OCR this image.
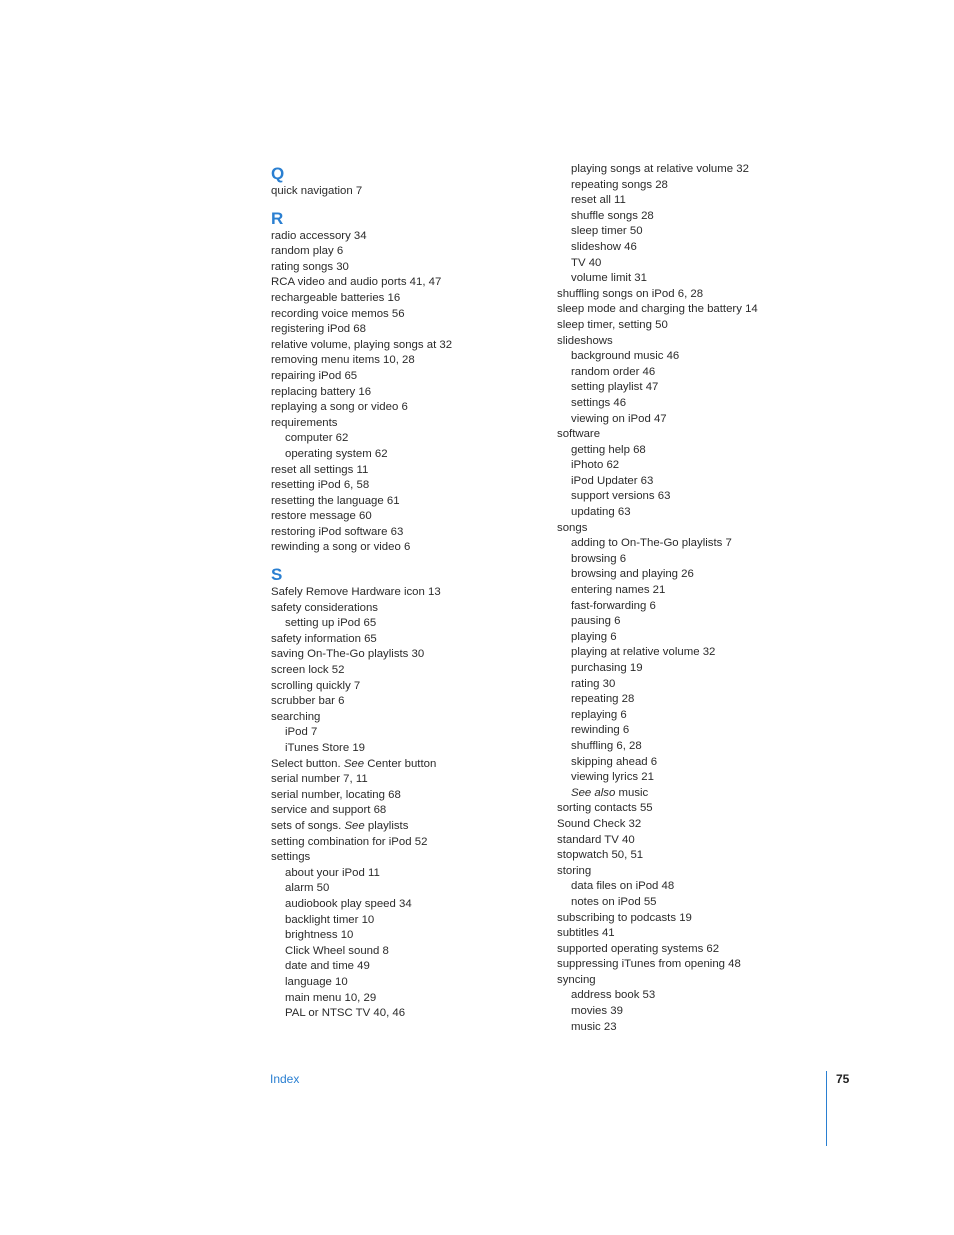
Q
quick navigation 7
R
radio accessory 34
random play 6
rating songs 30
RCA video and audio ports 41, 47
rechargeable batteries 16
recording voice memos 56
registering iPod 68
relative volume, playing songs at 32
removing menu items 10, 28
repairing iPod 65
replacing battery 16
replaying a song or video 6
requirements
computer 62
operating system 62
reset all settings 11
resetting iPod 6, 58
resetting the language 61
restore message 60
restoring iPod software 63
rewinding a song or video 6
S
Safely Remove Hardware icon 13
safety considerations
setting up iPod 65
safety information 65
saving On-The-Go playlists 30
screen lock 52
scrolling quickly 7
scrubber bar 6
searching
iPod 7
iTunes Store 19
Select button. See Center button
serial number 7, 11
serial number, locating 68
service and support 68
sets of songs. See playlists
setting combination for iPod 52
settings
about your iPod 11
alarm 50
audiobook play speed 34
backlight timer 10
brightness 10
Click Wheel sound 8
date and time 49
language 10
main menu 10, 29
PAL or NTSC TV 40, 46
playing songs at relative volume 32
repeating songs 28
reset all 11
shuffle songs 28
sleep timer 50
slideshow 46
TV 40
volume limit 31
shuffling songs on iPod 6, 28
sleep mode and charging the battery 14
sleep timer, setting 50
slideshows
background music 46
random order 46
setting playlist 47
settings 46
viewing on iPod 47
software
getting help 68
iPhoto 62
iPod Updater 63
support versions 63
updating 63
songs
adding to On-The-Go playlists 7
browsing 6
browsing and playing 26
entering names 21
fast-forwarding 6
pausing 6
playing 6
playing at relative volume 32
purchasing 19
rating 30
repeating 28
replaying 6
rewinding 6
shuffling 6, 28
skipping ahead 6
viewing lyrics 21
See also music
sorting contacts 55
Sound Check 32
standard TV 40
stopwatch 50, 51
storing
data files on iPod 48
notes on iPod 55
subscribing to podcasts 19
subtitles 41
supported operating systems 62
suppressing iTunes from opening 48
syncing
address book 53
movies 39
music 23
Index	75
